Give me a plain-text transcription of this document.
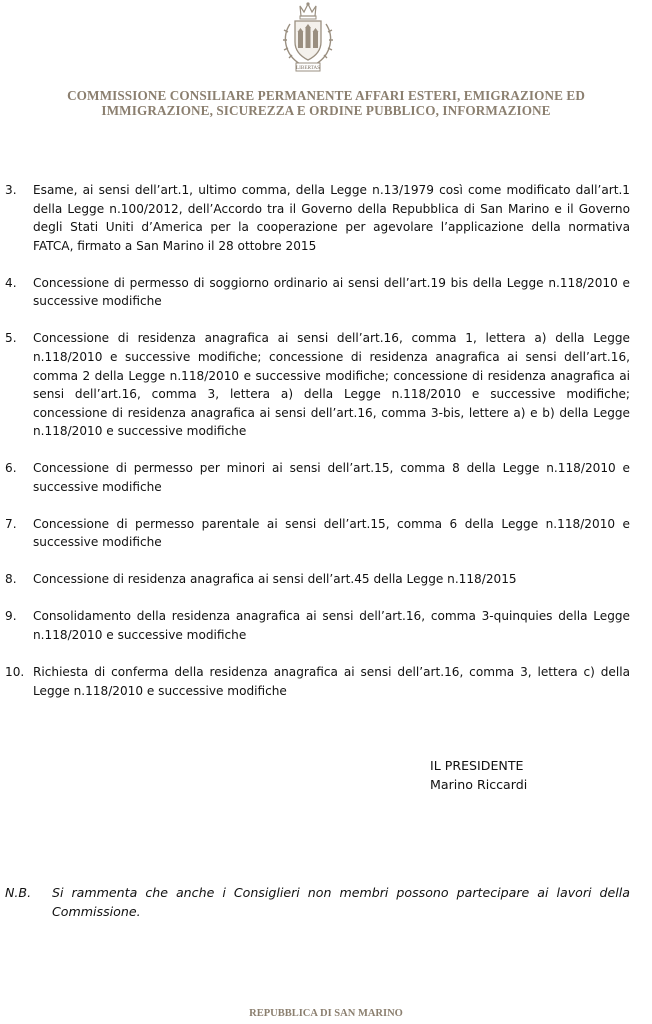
LIBERTAS
COMMISSIONE CONSILIARE PERMANENTE AFFARI ESTERI, EMIGRAZIONE ED
IMMIGRAZIONE, SICUREZZA E ORDINE PUBBLICO, INFORMAZIONE
3.	Esame, ai sensi dell’art.1, ultimo comma, della Legge n.13/1979 così come modificato dall’art.1 della Legge n.100/2012, dell’Accordo tra il Governo della Repubblica di San Marino e il Governo degli Stati Uniti d’America per la cooperazione per agevolare l’applicazione della normativa FATCA, firmato a San Marino il 28 ottobre 2015
4.	Concessione di permesso di soggiorno ordinario ai sensi dell’art.19 bis della Legge n.118/2010 e successive modifiche
5.	Concessione di residenza anagrafica ai sensi dell’art.16, comma 1, lettera a) della Legge n.118/2010 e successive modifiche; concessione di residenza anagrafica ai sensi dell’art.16, comma 2 della Legge n.118/2010 e successive modifiche; concessione di residenza anagrafica ai sensi dell’art.16, comma 3, lettera a) della Legge n.118/2010 e successive modifiche; concessione di residenza anagrafica ai sensi dell’art.16, comma 3-bis, lettere a) e b) della Legge n.118/2010 e successive modifiche
6.	Concessione di permesso per minori ai sensi dell’art.15, comma 8 della Legge n.118/2010 e successive modifiche
7.	Concessione di permesso parentale ai sensi dell’art.15, comma 6 della Legge n.118/2010 e successive modifiche
8.	Concessione di residenza anagrafica ai sensi dell’art.45 della Legge n.118/2015
9.	Consolidamento della residenza anagrafica ai sensi dell’art.16, comma 3-quinquies della Legge n.118/2010 e successive modifiche
10. Richiesta di conferma della residenza anagrafica ai sensi dell’art.16, comma 3, lettera c) della Legge n.118/2010 e successive modifiche
IL PRESIDENTE
Marino Riccardi
N.B.	Si rammenta che anche i Consiglieri non membri possono partecipare ai lavori della Commissione.
REPUBBLICA DI SAN MARINO
